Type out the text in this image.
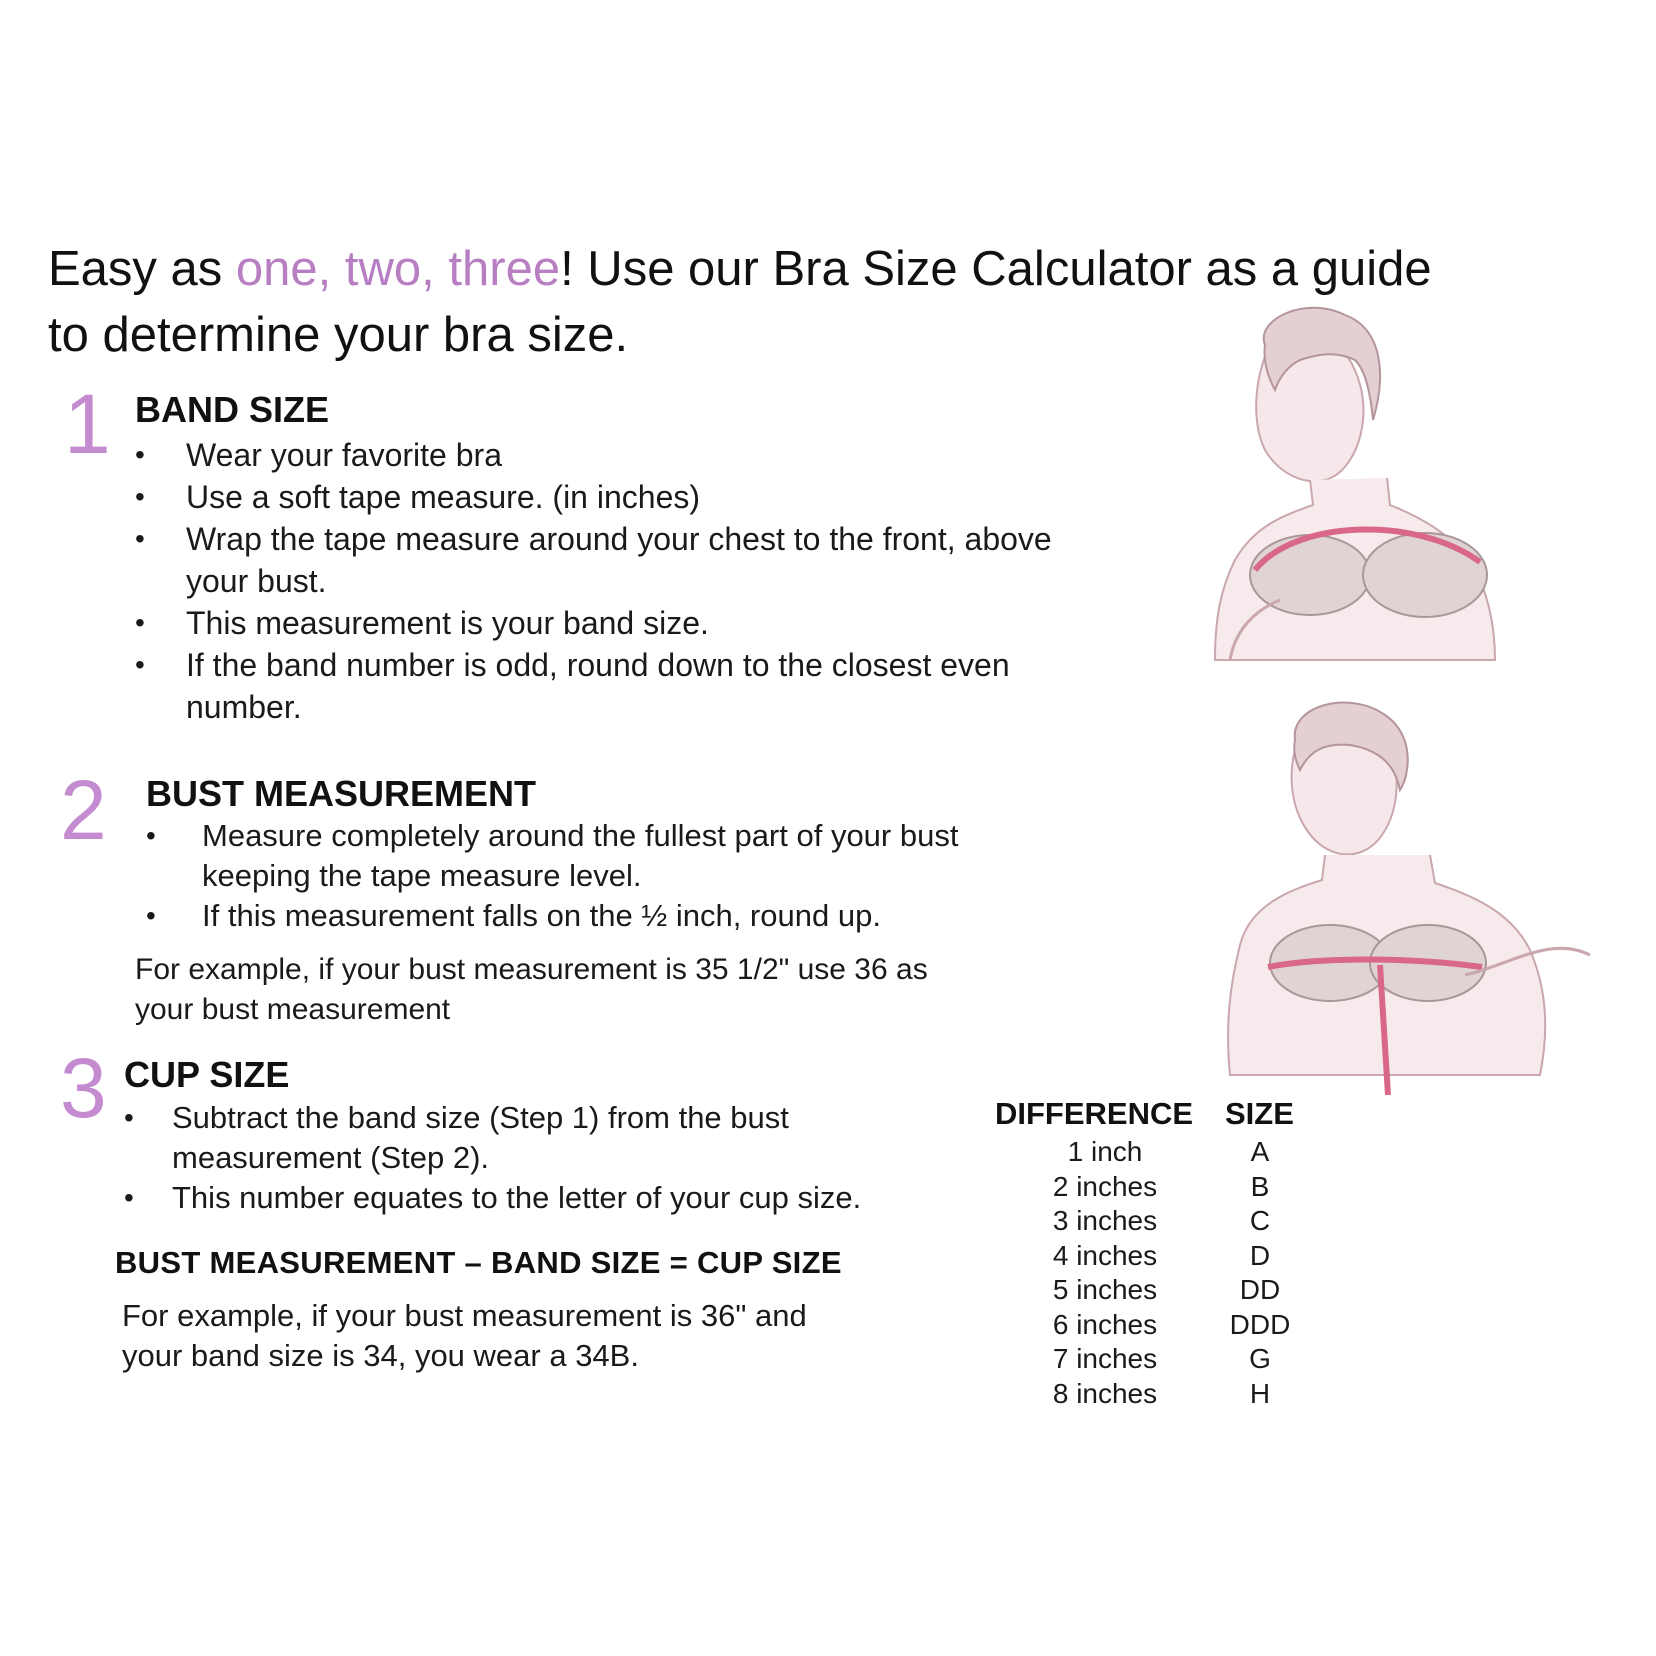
Easy as one, two, three! Use our Bra Size Calculator as a guide to determine your bra size.
1 BAND SIZE
• Wear your favorite bra
• Use a soft tape measure. (in inches)
• Wrap the tape measure around your chest to the front, above your bust.
• This measurement is your band size.
• If the band number is odd, round down to the closest even number.
2 BUST MEASUREMENT
• Measure completely around the fullest part of your bust keeping the tape measure level.
• If this measurement falls on the ½ inch, round up.
For example, if your bust measurement is 35 1/2" use 36 as your bust measurement
3 CUP SIZE
• Subtract the band size (Step 1) from the bust measurement (Step 2).
• This number equates to the letter of your cup size.
BUST MEASUREMENT – BAND SIZE = CUP SIZE
For example, if your bust measurement is 36" and your band size is 34, you wear a 34B.
DIFFERENCE SIZE
1 inch	A
2 inches	B
3 inches	C
4 inches	D
5 inches	DD
6 inches	DDD
7 inches	G
8 inches	H
